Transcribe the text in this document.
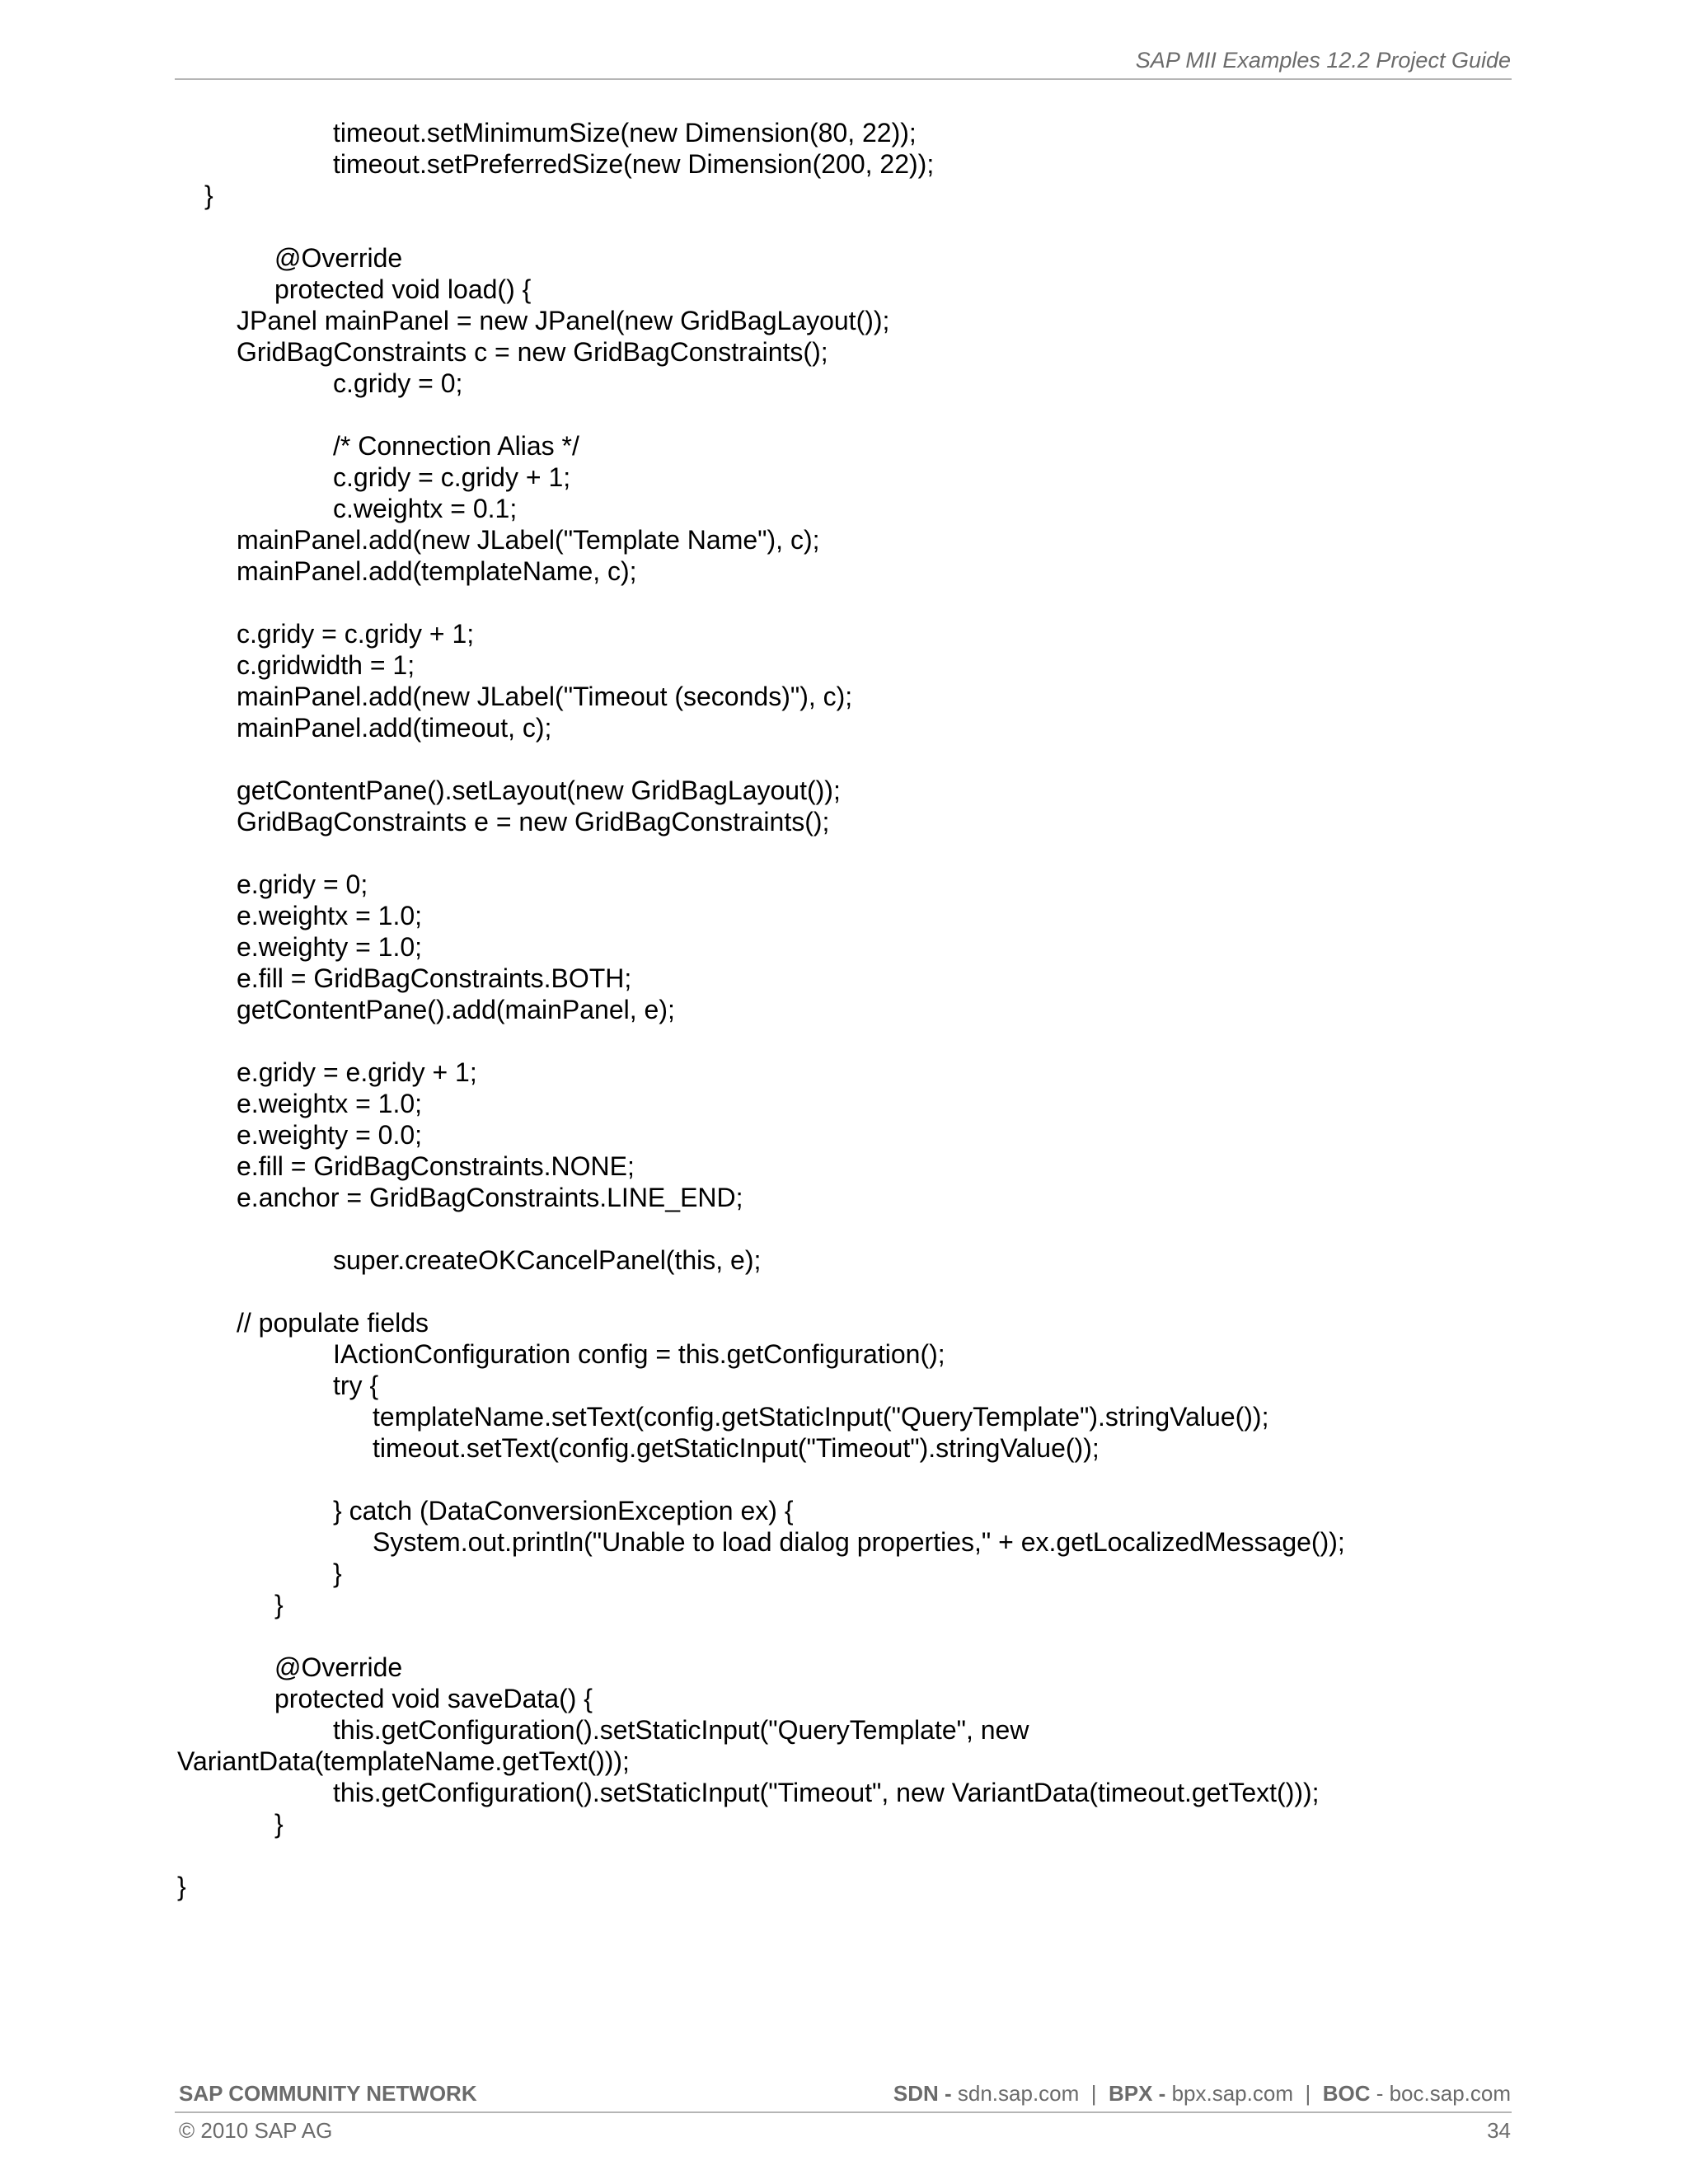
SAP MII Examples 12.2 Project Guide
timeout.setMinimumSize(new Dimension(80, 22));
timeout.setPreferredSize(new Dimension(200, 22));
}
@Override
protected void load() {
JPanel mainPanel = new JPanel(new GridBagLayout());
GridBagConstraints c = new GridBagConstraints();
c.gridy = 0;
/* Connection Alias */
c.gridy = c.gridy + 1;
c.weightx = 0.1;
mainPanel.add(new JLabel("Template Name"), c);
mainPanel.add(templateName, c);
c.gridy = c.gridy + 1;
c.gridwidth = 1;
mainPanel.add(new JLabel("Timeout (seconds)"), c);
mainPanel.add(timeout, c);
getContentPane().setLayout(new GridBagLayout());
GridBagConstraints e = new GridBagConstraints();
e.gridy = 0;
e.weightx = 1.0;
e.weighty = 1.0;
e.fill = GridBagConstraints.BOTH;
getContentPane().add(mainPanel, e);
e.gridy = e.gridy + 1;
e.weightx = 1.0;
e.weighty = 0.0;
e.fill = GridBagConstraints.NONE;
e.anchor = GridBagConstraints.LINE_END;
super.createOKCancelPanel(this, e);
// populate fields
IActionConfiguration config = this.getConfiguration();
try {
templateName.setText(config.getStaticInput("QueryTemplate").stringValue());
timeout.setText(config.getStaticInput("Timeout").stringValue());
} catch (DataConversionException ex) {
System.out.println("Unable to load dialog properties," + ex.getLocalizedMessage());
}
}
@Override
protected void saveData() {
this.getConfiguration().setStaticInput("QueryTemplate", new
VariantData(templateName.getText()));
this.getConfiguration().setStaticInput("Timeout", new VariantData(timeout.getText()));
}
}
SAP COMMUNITY NETWORK	SDN - sdn.sap.com | BPX - bpx.sap.com | BOC - boc.sap.com
© 2010 SAP AG	34
